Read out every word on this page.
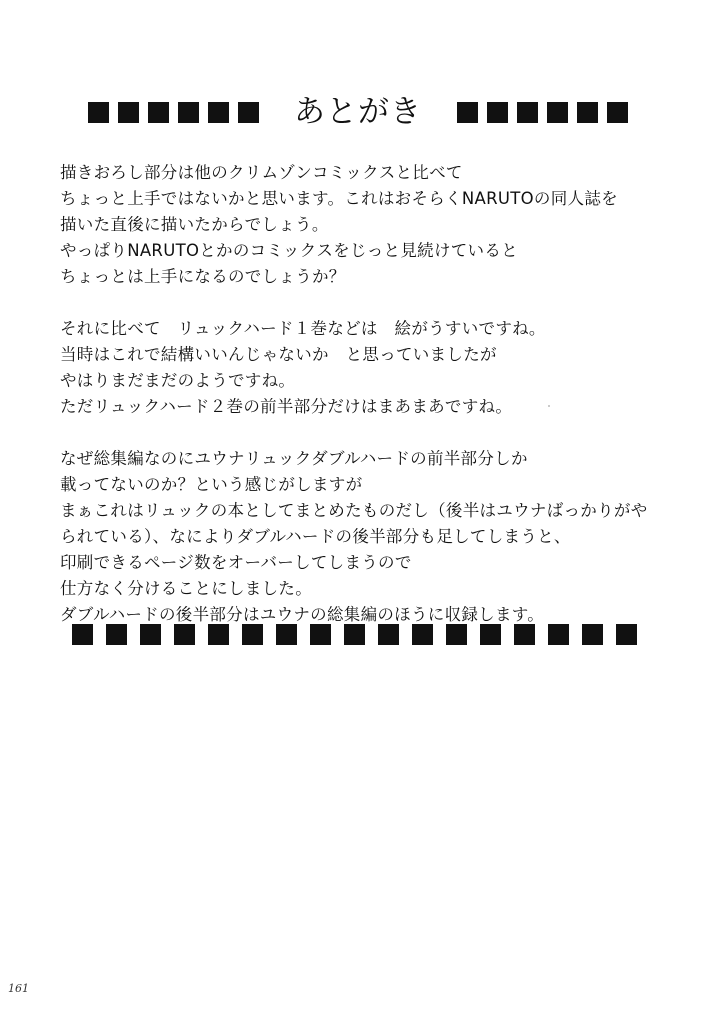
あとがき
描きおろし部分は他のクリムゾンコミックスと比べて
ちょっと上手ではないかと思います。これはおそらくNARUTOの同人誌を
描いた直後に描いたからでしょう。
やっぱりNARUTOとかのコミックスをじっと見続けていると
ちょっとは上手になるのでしょうか？
それに比べて　リュックハード１巻などは　絵がうすいですね。
当時はこれで結構いいんじゃないか　と思っていましたが
やはりまだまだのようですね。
ただリュックハード２巻の前半部分だけはまあまあですね。
なぜ総集編なのにユウナリュックダブルハードの前半部分しか
載ってないのか？という感じがしますが
まぁこれはリュックの本としてまとめたものだし（後半はユウナばっかりがや
られている）、なによりダブルハードの後半部分も足してしまうと、
印刷できるページ数をオーバーしてしまうので
仕方なく分けることにしました。
ダブルハードの後半部分はユウナの総集編のほうに収録します。
161
